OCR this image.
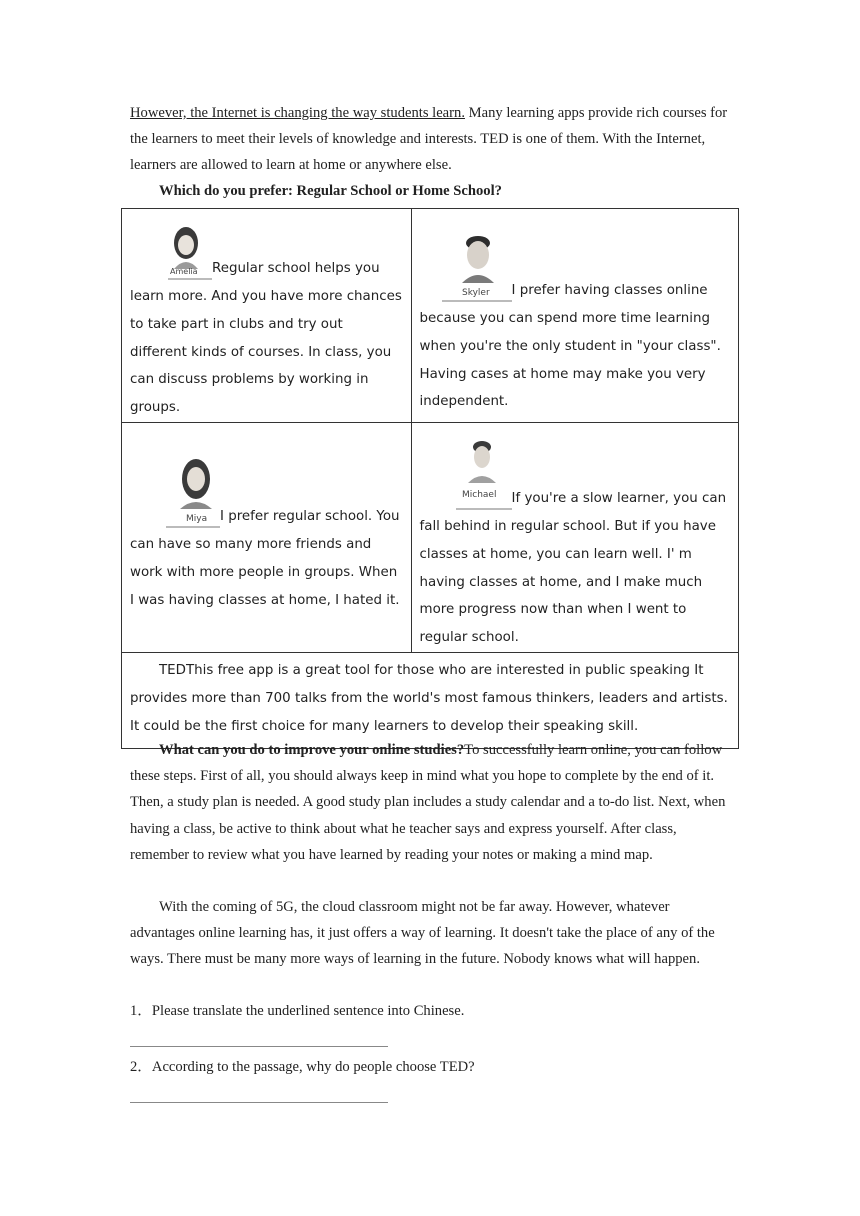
However, the Internet is changing the way students learn. Many learning apps provide rich courses for the learners to meet their levels of knowledge and interests. TED is one of them. With the Internet, learners are allowed to learn at home or anywhere else.

Which do you prefer: Regular School or Home School?
Amelia Regular school helps you learn more. And you have more chances to take part in clubs and try out different kinds of courses. In class, you can discuss problems by working in groups.	Skyler I prefer having classes online because you can spend more time learning when you're the only student in "your class". Having cases at home may make you very independent.

Miya I prefer regular school. You can have so many more friends and work with more people in groups. When I was having classes at home, I hated it.	Michael If you're a slow learner, you can fall behind in regular school. But if you have classes at home, you can learn well. I' m having classes at home, and I make much more progress now than when I went to regular school.

TEDThis free app is a great tool for those who are interested in public speaking It provides more than 700 talks from the world's most famous thinkers, leaders and artists. It could be the first choice for many learners to develop their speaking skill.	

What can you do to improve your online studies?To successfully learn online, you can follow these steps. First of all, you should always keep in mind what you hope to complete by the end of it. Then, a study plan is needed. A good study plan includes a study calendar and a to-do list. Next, when having a class, be active to think about what he teacher says and express yourself. After class, remember to review what you have learned by reading your notes or making a mind map.

With the coming of 5G, the cloud classroom might not be far away. However, whatever advantages online learning has, it just offers a way of learning. It doesn't take the place of any of the ways. There must be many more ways of learning in the future. Nobody knows what will happen.

1．Please translate the underlined sentence into Chinese.
2．According to the passage, why do people choose TED?
